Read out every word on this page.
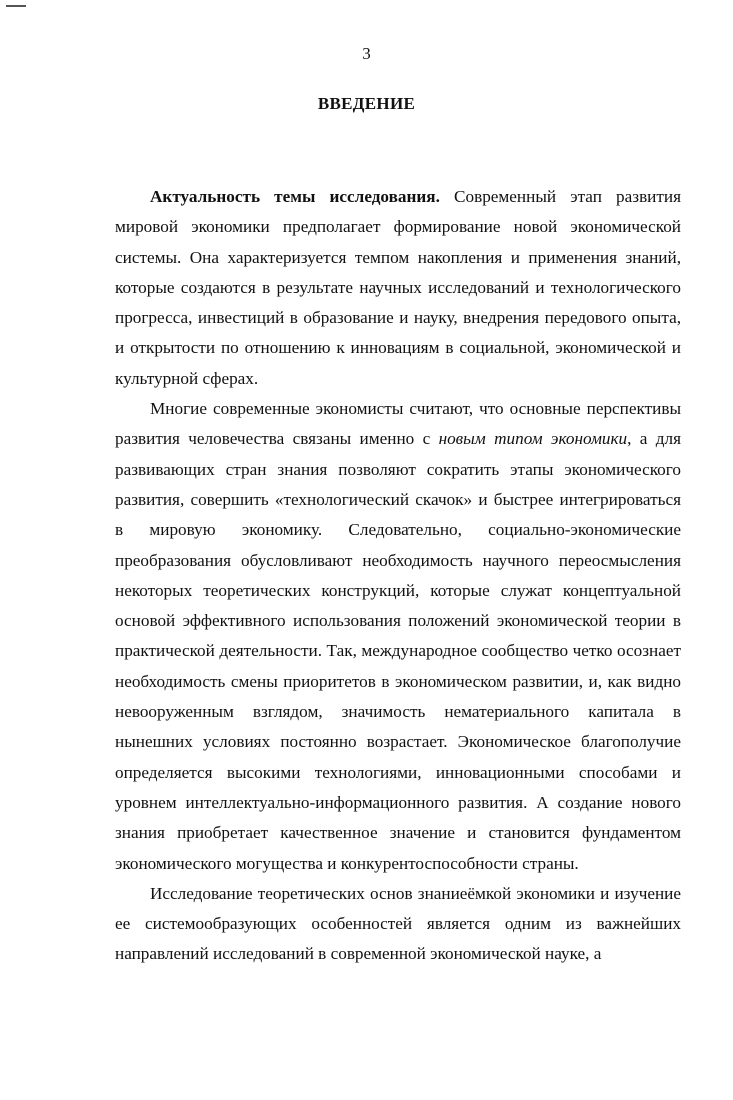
3
ВВЕДЕНИЕ

Актуальность темы исследования. Современный этап развития мировой экономики предполагает формирование новой экономической системы. Она характеризуется темпом накопления и применения знаний, которые создаются в результате научных исследований и технологического прогресса, инвестиций в образование и науку, внедрения передового опыта, и открытости по отношению к инновациям в социальной, экономической и культурной сферах.

Многие современные экономисты считают, что основные перспективы развития человечества связаны именно с новым типом экономики, а для развивающих стран знания позволяют сократить этапы экономического развития, совершить «технологический скачок» и быстрее интегрироваться в мировую экономику. Следовательно, социально-экономические преобразования обусловливают необходимость научного переосмысления некоторых теоретических конструкций, которые служат концептуальной основой эффективного использования положений экономической теории в практической деятельности. Так, международное сообщество четко осознает необходимость смены приоритетов в экономическом развитии, и, как видно невооруженным взглядом, значимость нематериального капитала в нынешних условиях постоянно возрастает. Экономическое благополучие определяется высокими технологиями, инновационными способами и уровнем интеллектуально-информационного развития. А создание нового знания приобретает качественное значение и становится фундаментом экономического могущества и конкурентоспособности страны.

Исследование теоретических основ знаниеёмкой экономики и изучение ее системообразующих особенностей является одним из важнейших направлений исследований в современной экономической науке, а
